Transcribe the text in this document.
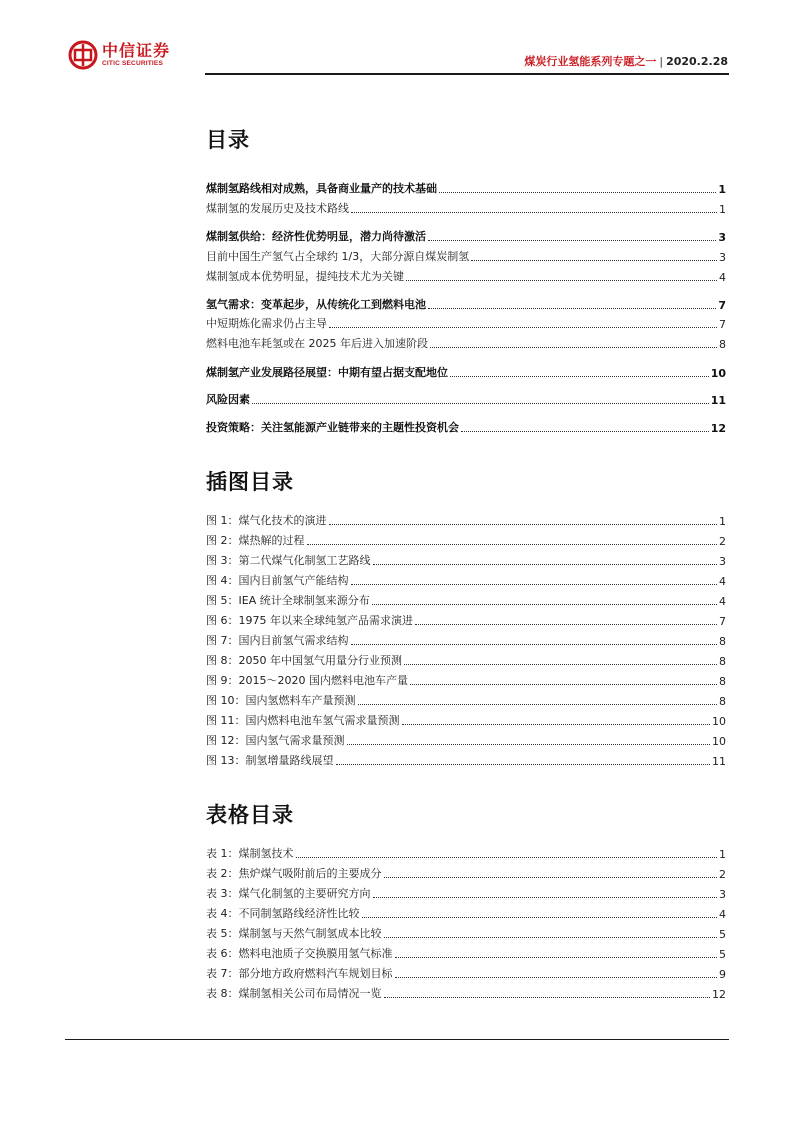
中信证券
CITIC SECURITIES	煤炭行业氢能系列专题之一 | 2020.2.28
目录
煤制氢路线相对成熟，具备商业量产的技术基础	1
煤制氢的发展历史及技术路线	1
煤制氢供给：经济性优势明显，潜力尚待激活	3
目前中国生产氢气占全球约 1/3，大部分源自煤炭制氢	3
煤制氢成本优势明显，提纯技术尤为关键	4
氢气需求：变革起步，从传统化工到燃料电池	7
中短期炼化需求仍占主导	7
燃料电池车耗氢或在 2025 年后进入加速阶段	8
煤制氢产业发展路径展望：中期有望占据支配地位	10
风险因素	11
投资策略：关注氢能源产业链带来的主题性投资机会	12
插图目录
图 1：煤气化技术的演进	1
图 2：煤热解的过程	2
图 3：第二代煤气化制氢工艺路线	3
图 4：国内目前氢气产能结构	4
图 5：IEA 统计全球制氢来源分布	4
图 6：1975 年以来全球纯氢产品需求演进	7
图 7：国内目前氢气需求结构	8
图 8：2050 年中国氢气用量分行业预测	8
图 9：2015～2020 国内燃料电池车产量	8
图 10：国内氢燃料车产量预测	8
图 11：国内燃料电池车氢气需求量预测	10
图 12：国内氢气需求量预测	10
图 13：制氢增量路线展望	11
表格目录
表 1：煤制氢技术	1
表 2：焦炉煤气吸附前后的主要成分	2
表 3：煤气化制氢的主要研究方向	3
表 4：不同制氢路线经济性比较	4
表 5：煤制氢与天然气制氢成本比较	5
表 6：燃料电池质子交换膜用氢气标准	5
表 7：部分地方政府燃料汽车规划目标	9
表 8：煤制氢相关公司布局情况一览	12
